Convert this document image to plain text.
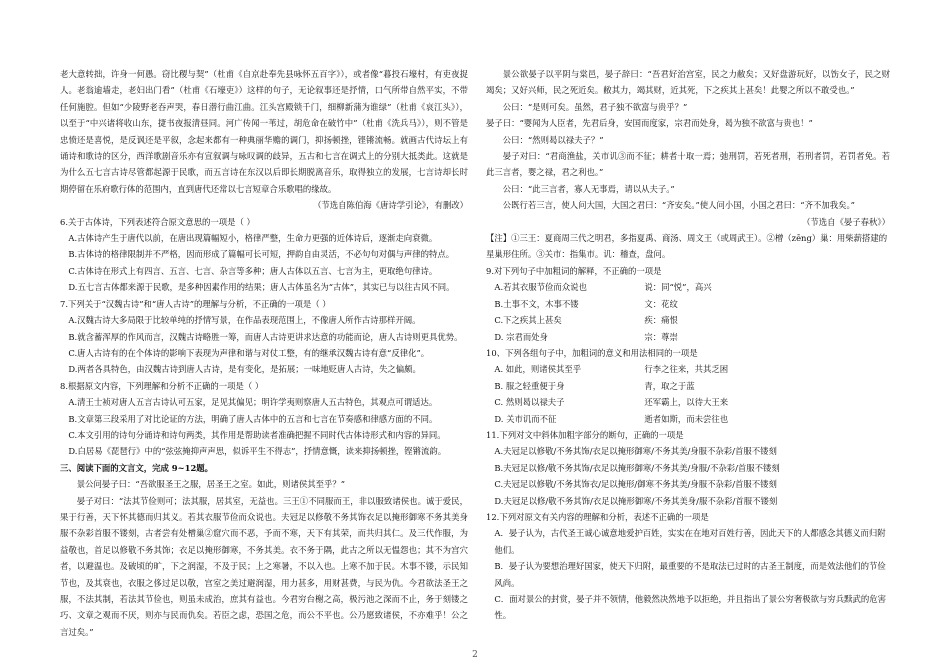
老大意转拙，许身一何愚。窃比稷与契”（杜甫《自京赴奉先县咏怀五百字》），或者像“暮投石壕村，有吏夜捉人。老翁逾墙走，老妇出门看”（杜甫《石壕吏》）这样的句子，无论叙事还是抒情，口气所带自然平实，不带任何施腔。但如“少陵野老吞声哭，春日潜行曲江曲。江头宫殿锁千门，细柳新蒲为谁绿”（杜甫《哀江头》），以至于“中兴诸将收山东，捷书夜报清昼同。河广传闻一苇过，胡危命在破竹中”（杜甫《洗兵马》），则不管是忠愤还是喜悦，是反讽还是平叙，念起来都有一种典丽华赡的调门，抑扬顿挫，铿锵流畅。就画古代诗坛上有诵诗和歌诗的区分，西洋歌剧音乐亦有宣叙调与咏叹调的歧异，五古和七言在调式上的分别大抵类此。这就是为什么五七言古诗尽管都起源于民歌，而五言诗在东汉以后即长期脱离音乐，取得独立的发展，七言诗却长时期停留在乐府歌行体的范围内，直到唐代还常以七言短章合乐歌唱的缘故。

（节选自陈伯海《唐诗学引论》，有删改）

6.关于古体诗，下列表述符合原文意思的一项是（ ）

A.古体诗产生于唐代以前，在唐出现篇幅短小，格律严整，生命力更强的近体诗后，逐渐走向衰微。

B.古体诗的格律限制并不严格，因而形成了篇幅可长可短，押韵自由灵活，不必句句对偶与声律的特点。

C.古体诗在形式上有四言、五言、七言、杂言等多种；唐人古体以五言、七言为主，更取绝句律诗。

D.五七言古体都来源于民歌，是多种因素作用的结果；唐人古体虽名为“古体”，其实已与以往古风不同。

7.下列关于“汉魏古诗”和“唐人古诗”的理解与分析，不正确的一项是（ ）

A.汉魏古诗大多局限于比较单纯的抒情写景，在作品表现范围上，不像唐人所作古诗那样开阔。

B.就含蓄浑厚的作风而言，汉魏古诗略胜一筹，而唐人古诗更讲求达意的功能而论，唐人古诗则更具优势。

C.唐人古诗有的在个体诗的影响下表现为声律和谐与对仗工整，有的继承汉魏古诗有意“反律化”。

D.两者各具特色，由汉魏古诗到唐人古诗，是有变化，是拓展；一味地贬唐人古诗，失之偏颇。

8.根据原文内容，下列理解和分析不正确的一项是（ ）

A.清王士祯对唐人五言古诗认可五家，足见其偏见；明许学夷则察唐人五古特色，其观点可谓适达。

B.文章第三段采用了对比论证的方法，明确了唐人古体中的五言和七言在节奏感和律感方面的不同。

C.本文引用的诗句分诵诗和诗句两类，其作用是帮助读者准确把握不同时代古体诗形式和内容的异同。

D.白居易《琵琶行》中的“弦弦掩抑声声思，似诉平生不得志”，抒情意慨，读来抑扬顿挫，铿锵流韵。

三、阅读下面的文言文，完成 9~12题。

景公问晏子曰：“吾欲服圣王之服，居圣王之室。如此，则诸侯其至乎？”

晏子对曰：“法其节俭则可；法其服，居其室，无益也。三王①不同服而王，非以服致诸侯也。诚于爱民，果于行善，天下怀其德而归其义。若其衣服节俭而众说也。夫冠足以修敬不务其饰衣足以掩形御寒不务其美身服不杂彩首服不镂刻，古者尝有处橧巢②窟穴而不恶，予而不寒，天下有其荣，而共归其仁。及三代作服，为益敬也，首足以修敬不务其饰；衣足以掩形御寒，不务其美。衣不务于隅，此古之所以无愠怨也；其不为宫穴者，以避温也。及破顷的旷，下之润湿，不及于民；上之寒暑，不以入也。上寒不加于民。木事不镂，示民知节也，及其衰也，衣服之侈过足以敬，宫室之美过避润湿，用力甚多，用财甚费，与民为仇。今君欲法圣王之服，不法其制，若法其节俭也，则虽未成治，庶其有益也。今君穷台榭之高，极污池之深而不止，务于刻镂之巧、文章之观而不厌，则亦与民而仇矣。若臣之虑，恐国之危，而公不平也。公乃愿致诸侯，不亦难乎！公之言过矣。”

景公欲晏子以平阴与棠邑，晏子辞曰：“吾君好治宫室，民之力敝矣；又好盘游玩好，以饬女子，民之财竭矣；又好兴师，民之死近矣。敝其力，竭其财，近其死，下之疾其上甚矣！此婴之所以不敢受也。”

公曰：“是则可矣。虽然，君子独不欲富与贵乎？”

晏子曰：“婴闻为人臣者，先君后身，安国而度家，宗君而处身，曷为独不欲富与贵也！”

公曰：“然则曷以禄夫子？”

晏子对曰：“君商渔盐，关市讥③而不征；耕者十取一焉；弛刑罚，若死者刑，若刑者罚，若罚者免。若此三言者，婴之禄，君之利也。”

公曰：“此三言者，寡人无事焉，请以从夫子。”

公既行若三言，使人问大国，大国之君曰：“齐安矣。”使人问小国，小国之君曰：“齐不加我矣。”

（节选自《晏子春秋》）

【注】①三王：夏商周三代之明君，多指夏禹、商汤、周文王（或周武王）。②橧（zēng）巢：用柴薪搭建的星巢形住所。③关市：指集市。讥：稽查，盘问。

9.对下列句子中加粗词的解释，不正确的一项是

A.若其衣服节俭而众说也	说：同“悦”，高兴
B.土事不文，木事不镂	文：花纹
C.下之疾其上甚矣	疾：痛恨
D. 宗君而处身	宗：尊崇

10、下列各组句子中，加粗词的意义和用法相同的一项是

A. 如此，则诸侯其至乎	行李之往来，共其乏困
B. 服之轻重便于身	青，取之于蓝
C. 然则曷以禄夫子	还军霸上，以待大王来
D. 关市讥而不征	逝者如斯，而未尝往也

11.下列对文中斜体加粗字部分的断句，正确的一项是

A.夫冠足以修敬/不务其饰/衣足以掩形御寒/不务其美/身服不杂彩/首服不镂刻

B.夫冠足以修/敬不务其饰/衣足以掩形御寒/不务其美/身服/不杂彩/首服不镂刻

C.夫冠足以修敬/不务其饰衣/足以掩形/御寒不务其美/身服不杂彩/首服不镂刻

D.夫冠足以修/敬不务其饰/衣足以掩形御寒/不务其美身/服不杂彩/首服不镂刻

12.下列对原文有关内容的理解和分析，表述不正确的一项是

A．晏子认为，古代圣王诚心诚意地爱护百姓，实实在在地对百姓行善，因此天下的人都感念其德义而归附他们。

B．晏子认为要想治理好国家，使天下归附，最重要的不是取法已过时的古圣王制度，而是效法他们的节俭风尚。

C．面对景公的封赏，晏子并不领情，他毅然决然地予以拒绝，并且指出了景公穷奢极欲与穷兵黩武的危害性。

2
